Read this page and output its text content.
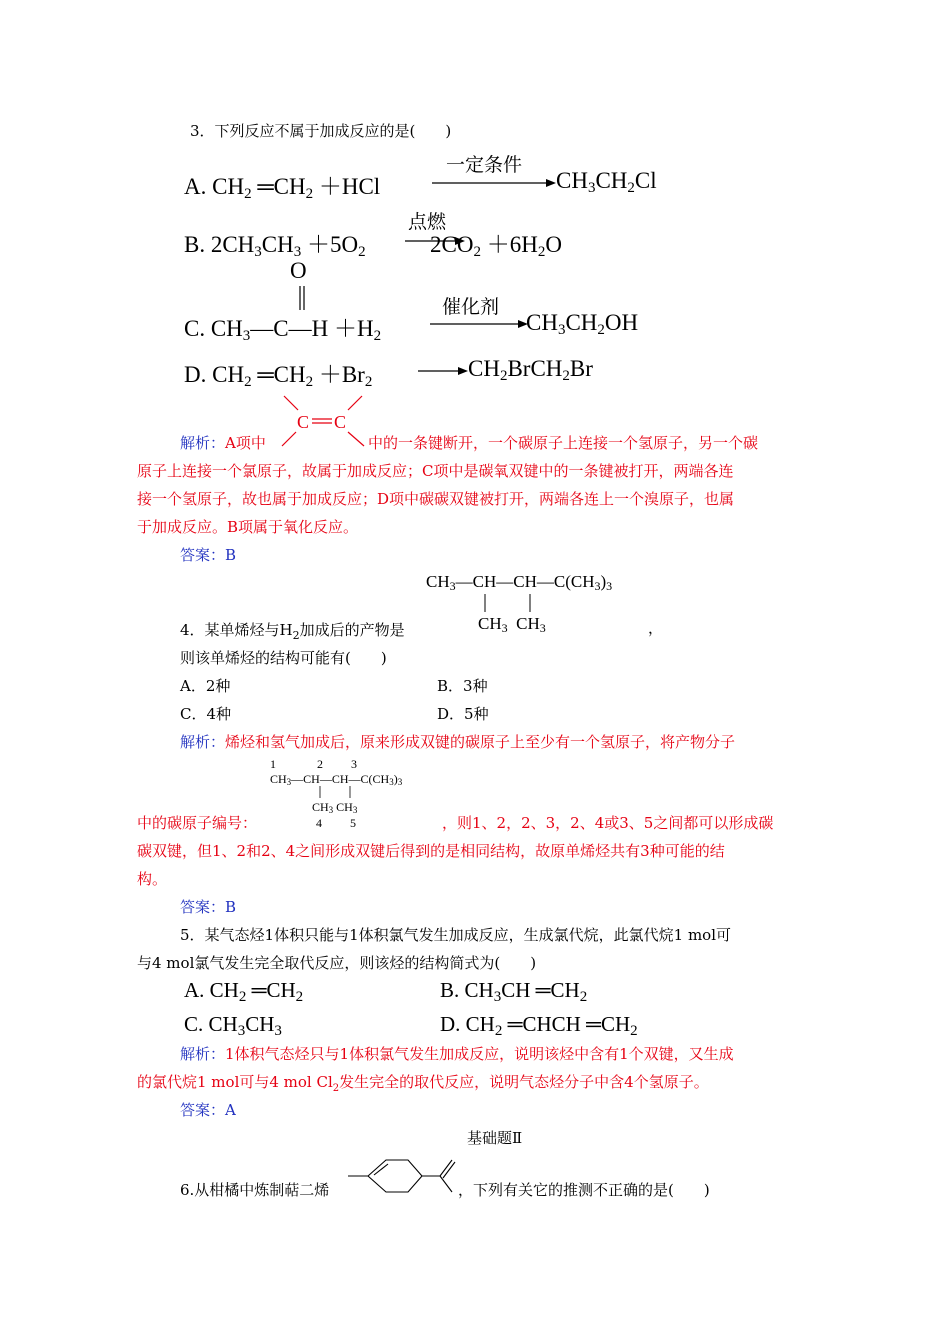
3．下列反应不属于加成反应的是(　　)
A. $CH_2$ $═CH_2 +HCl$
一定条件
$CH_3CH_2Cl$
B. $2CH_3CH_3 +5O_2$
点燃
$2CO_2 +6H_2O$
O
C. $CH_3—C—H +H_2$
催化剂
$CH_3CH_2OH$
D. $CH_2$ $═CH_2 +Br_2$
$CH_2BrCH_2Br$
C C
解析：A项中	中的一条键断开，一个碳原子上连接一个氢原子，另一个碳
原子上连接一个氯原子，故属于加成反应；C项中是碳氧双键中的一条键被打开，两端各连
接一个氢原子，故也属于加成反应；D项中碳碳双键被打开，两端各连上一个溴原子，也属
于加成反应。B项属于氧化反应。
答案：B
$CH_3—CH—CH—C(CH_3)_3$
$CH_3$  $CH_3$
4．某单烯烃与$H_2$加成后的产物是	，
则该单烯烃的结构可能有(　　)
A．2种	B．3种
C．4种	D．5种
解析：烯烃和氢气加成后，原来形成双键的碳原子上至少有一个氢原子，将产物分子
1	2 3
$CH_3—CH—CH—C(CH_3)_3$
$CH_3$ $CH_3$
4 5
中的碳原子编号：	，则1、2，2、3，2、4或3、5之间都可以形成碳
碳双键，但1、2和2、4之间形成双键后得到的是相同结构，故原单烯烃共有3种可能的结
构。
答案：B
5．某气态烃1体积只能与1体积氯气发生加成反应，生成氯代烷，此氯代烷1 mol可
与4 mol氯气发生完全取代反应，则该烃的结构简式为(　　)
A. $CH_2$ $═CH_2$	B. $CH_3CH$ $═CH_2$
C. $CH_3CH_3$	D. $CH_2$ ═CHCH $═CH_2$
解析：1体积气态烃只与1体积氯气发生加成反应，说明该烃中含有1个双键，又生成
的氯代烷1 mol可与4 mol $Cl_2$发生完全的取代反应，说明气态烃分子中含4个氢原子。
答案：A
基础题Ⅱ
6.从柑橘中炼制萜二烯	，下列有关它的推测不正确的是(　　)
